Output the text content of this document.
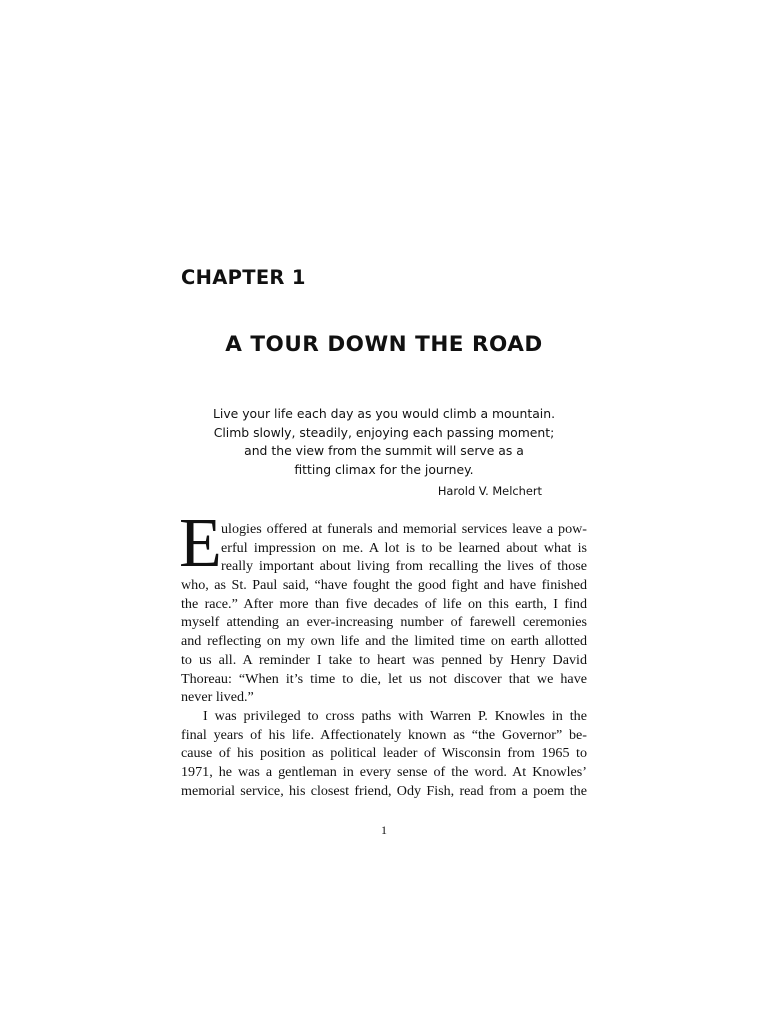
CHAPTER 1
A TOUR DOWN THE ROAD
Live your life each day as you would climb a mountain.
Climb slowly, steadily, enjoying each passing moment;
and the view from the summit will serve as a
fitting climax for the journey.
Harold V. Melchert
E ulogies offered at funerals and memorial services leave a pow-
erful impression on me. A lot is to be learned about what is
really important about living from recalling the lives of those
who, as St. Paul said, “have fought the good fight and have finished
the race.” After more than five decades of life on this earth, I find
myself attending an ever-increasing number of farewell ceremonies
and reflecting on my own life and the limited time on earth allotted
to us all. A reminder I take to heart was penned by Henry David
Thoreau: “When it’s time to die, let us not discover that we have
never lived.”
I was privileged to cross paths with Warren P. Knowles in the
final years of his life. Affectionately known as “the Governor” be-
cause of his position as political leader of Wisconsin from 1965 to
1971, he was a gentleman in every sense of the word. At Knowles’
memorial service, his closest friend, Ody Fish, read from a poem the
1
